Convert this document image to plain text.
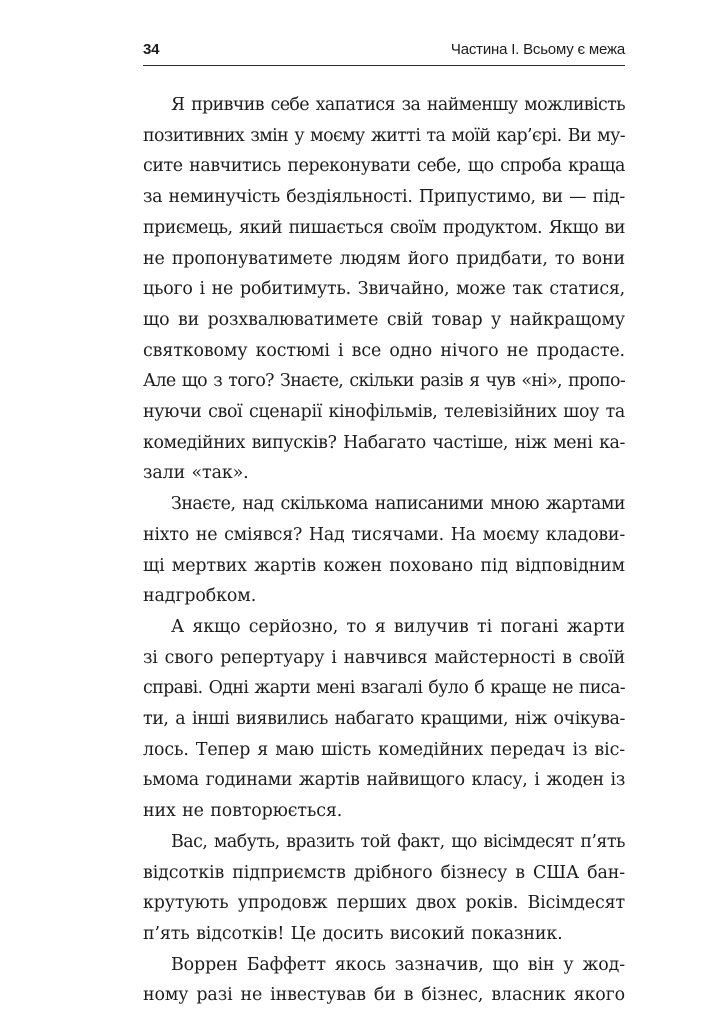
34	Частина І. Всьому є межа
Я привчив себе хапатися за найменшу можливість
позитивних змін у моєму житті та моїй кар’єрі. Ви му-
сите навчитись переконувати себе, що спроба краща
за неминучість бездіяльності. Припустимо, ви — під-
приємець, який пишається своїм продуктом. Якщо ви
не пропонуватимете людям його придбати, то вони
цього і не робитимуть. Звичайно, може так статися,
що ви розхвалюватимете свій товар у найкращому
святковому костюмі і все одно нічого не продасте.
Але що з того? Знаєте, скільки разів я чув «ні», пропо-
нуючи свої сценарії кінофільмів, телевізійних шоу та
комедійних випусків? Набагато частіше, ніж мені ка-
зали «так».
Знаєте, над скількома написаними мною жартами
ніхто не сміявся? Над тисячами. На моєму кладови-
щі мертвих жартів кожен поховано під відповідним
надгробком.
А якщо серйозно, то я вилучив ті погані жарти
зі свого репертуару і навчився майстерності в своїй
справі. Одні жарти мені взагалі було б краще не писа-
ти, а інші виявились набагато кращими, ніж очікува-
лось. Тепер я маю шість комедійних передач із віс-
ьмома годинами жартів найвищого класу, і жоден із
них не повторюється.
Вас, мабуть, вразить той факт, що вісімдесят п’ять
відсотків підприємств дрібного бізнесу в США бан-
крутують упродовж перших двох років. Вісімдесят
п’ять відсотків! Це досить високий показник.
Воррен Баффетт якось зазначив, що він у жод-
ному разі не інвестував би в бізнес, власник якого
